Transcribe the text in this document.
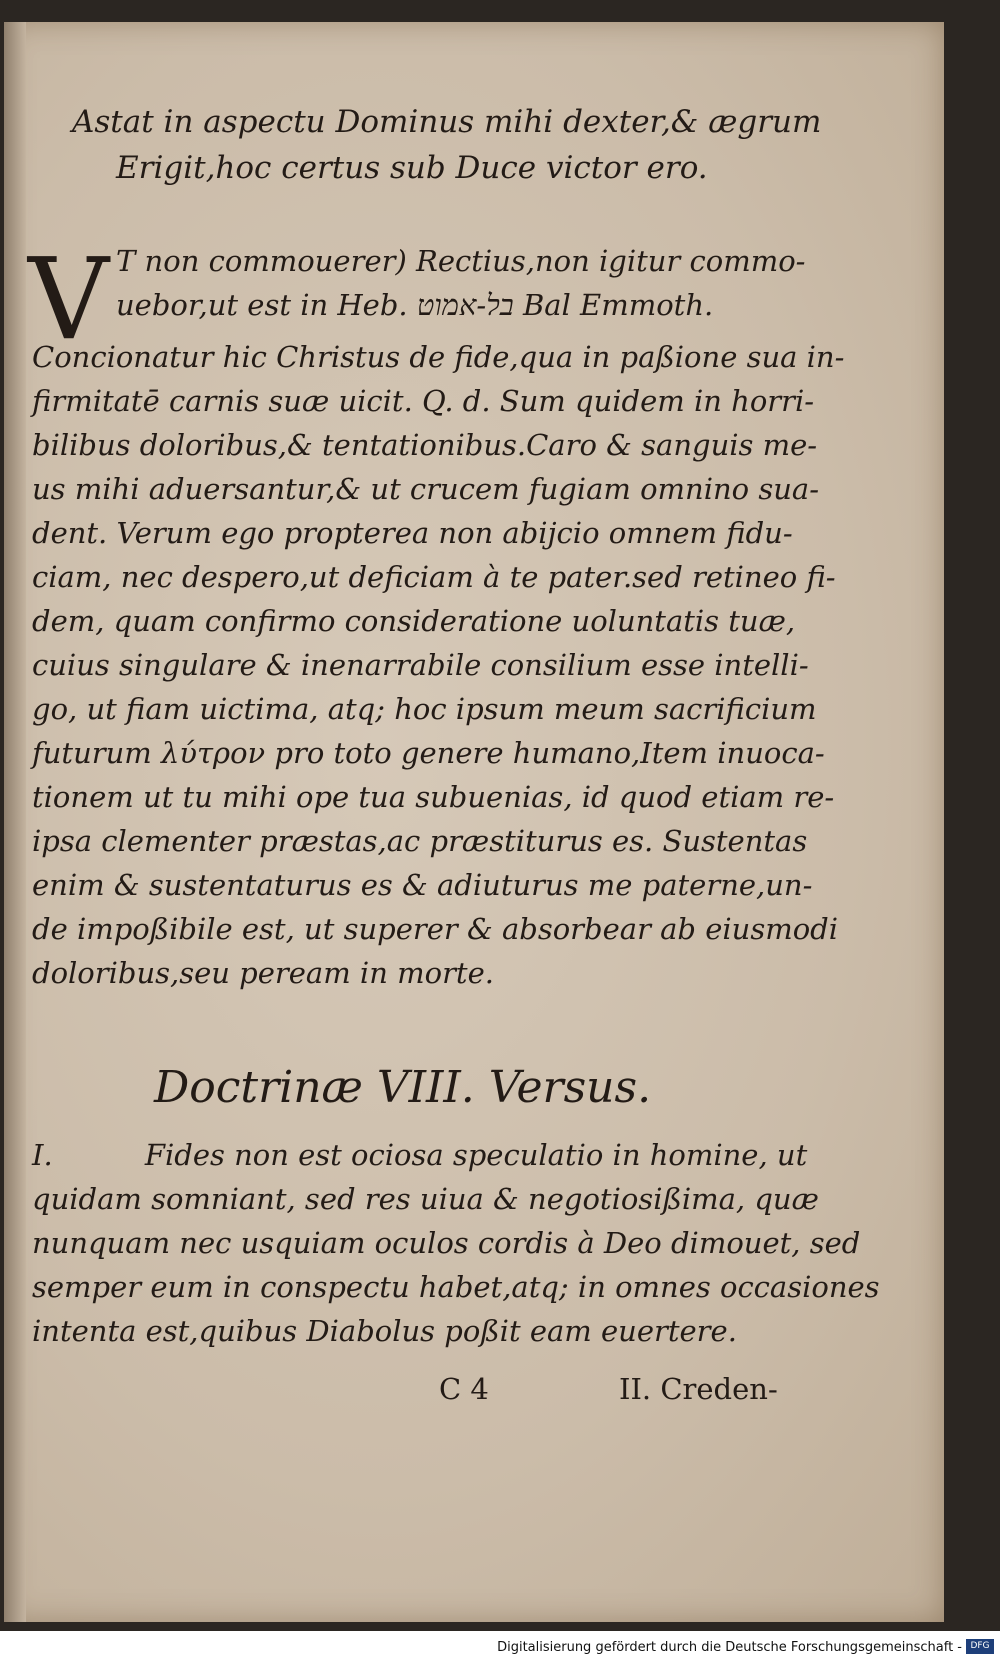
Astat in aspectu Dominus mihi dexter,& ægrum
Erigit,hoc certus sub Duce victor ero.
V T non commouerer) Rectius,non igitur commo-
uebor,ut est in Heb. בל-אמוט Bal Emmoth.
Concionatur hic Christus de fide,qua in paßione sua in-
firmitatē carnis suæ uicit. Q. d. Sum quidem in horri-
bilibus doloribus,& tentationibus.Caro & sanguis me-
us mihi aduersantur,& ut crucem fugiam omnino sua-
dent. Verum ego propterea non abijcio omnem fidu-
ciam, nec despero,ut deficiam à te pater.sed retineo fi-
dem, quam confirmo consideratione uoluntatis tuæ,
cuius singulare & inenarrabile consilium esse intelli-
go, ut fiam uictima, atq; hoc ipsum meum sacrificium
futurum λύτρον pro toto genere humano,Item inuoca-
tionem ut tu mihi ope tua subuenias, id quod etiam re-
ipsa clementer præstas,ac præstiturus es. Sustentas
enim & sustentaturus es & adiuturus me paterne,un-
de impoßibile est, ut superer & absorbear ab eiusmodi
doloribus,seu peream in morte.
Doctrinæ VIII. Versus.
I.          Fides non est ociosa speculatio in homine, ut
quidam somniant, sed res uiua & negotiosißima, quæ
nunquam nec usquiam oculos cordis à Deo dimouet, sed
semper eum in conspectu habet,atq; in omnes occasiones
intenta est,quibus Diabolus poßit eam euertere.
C 4	II. Creden-
Digitalisierung gefördert durch die Deutsche Forschungsgemeinschaft - DFG
